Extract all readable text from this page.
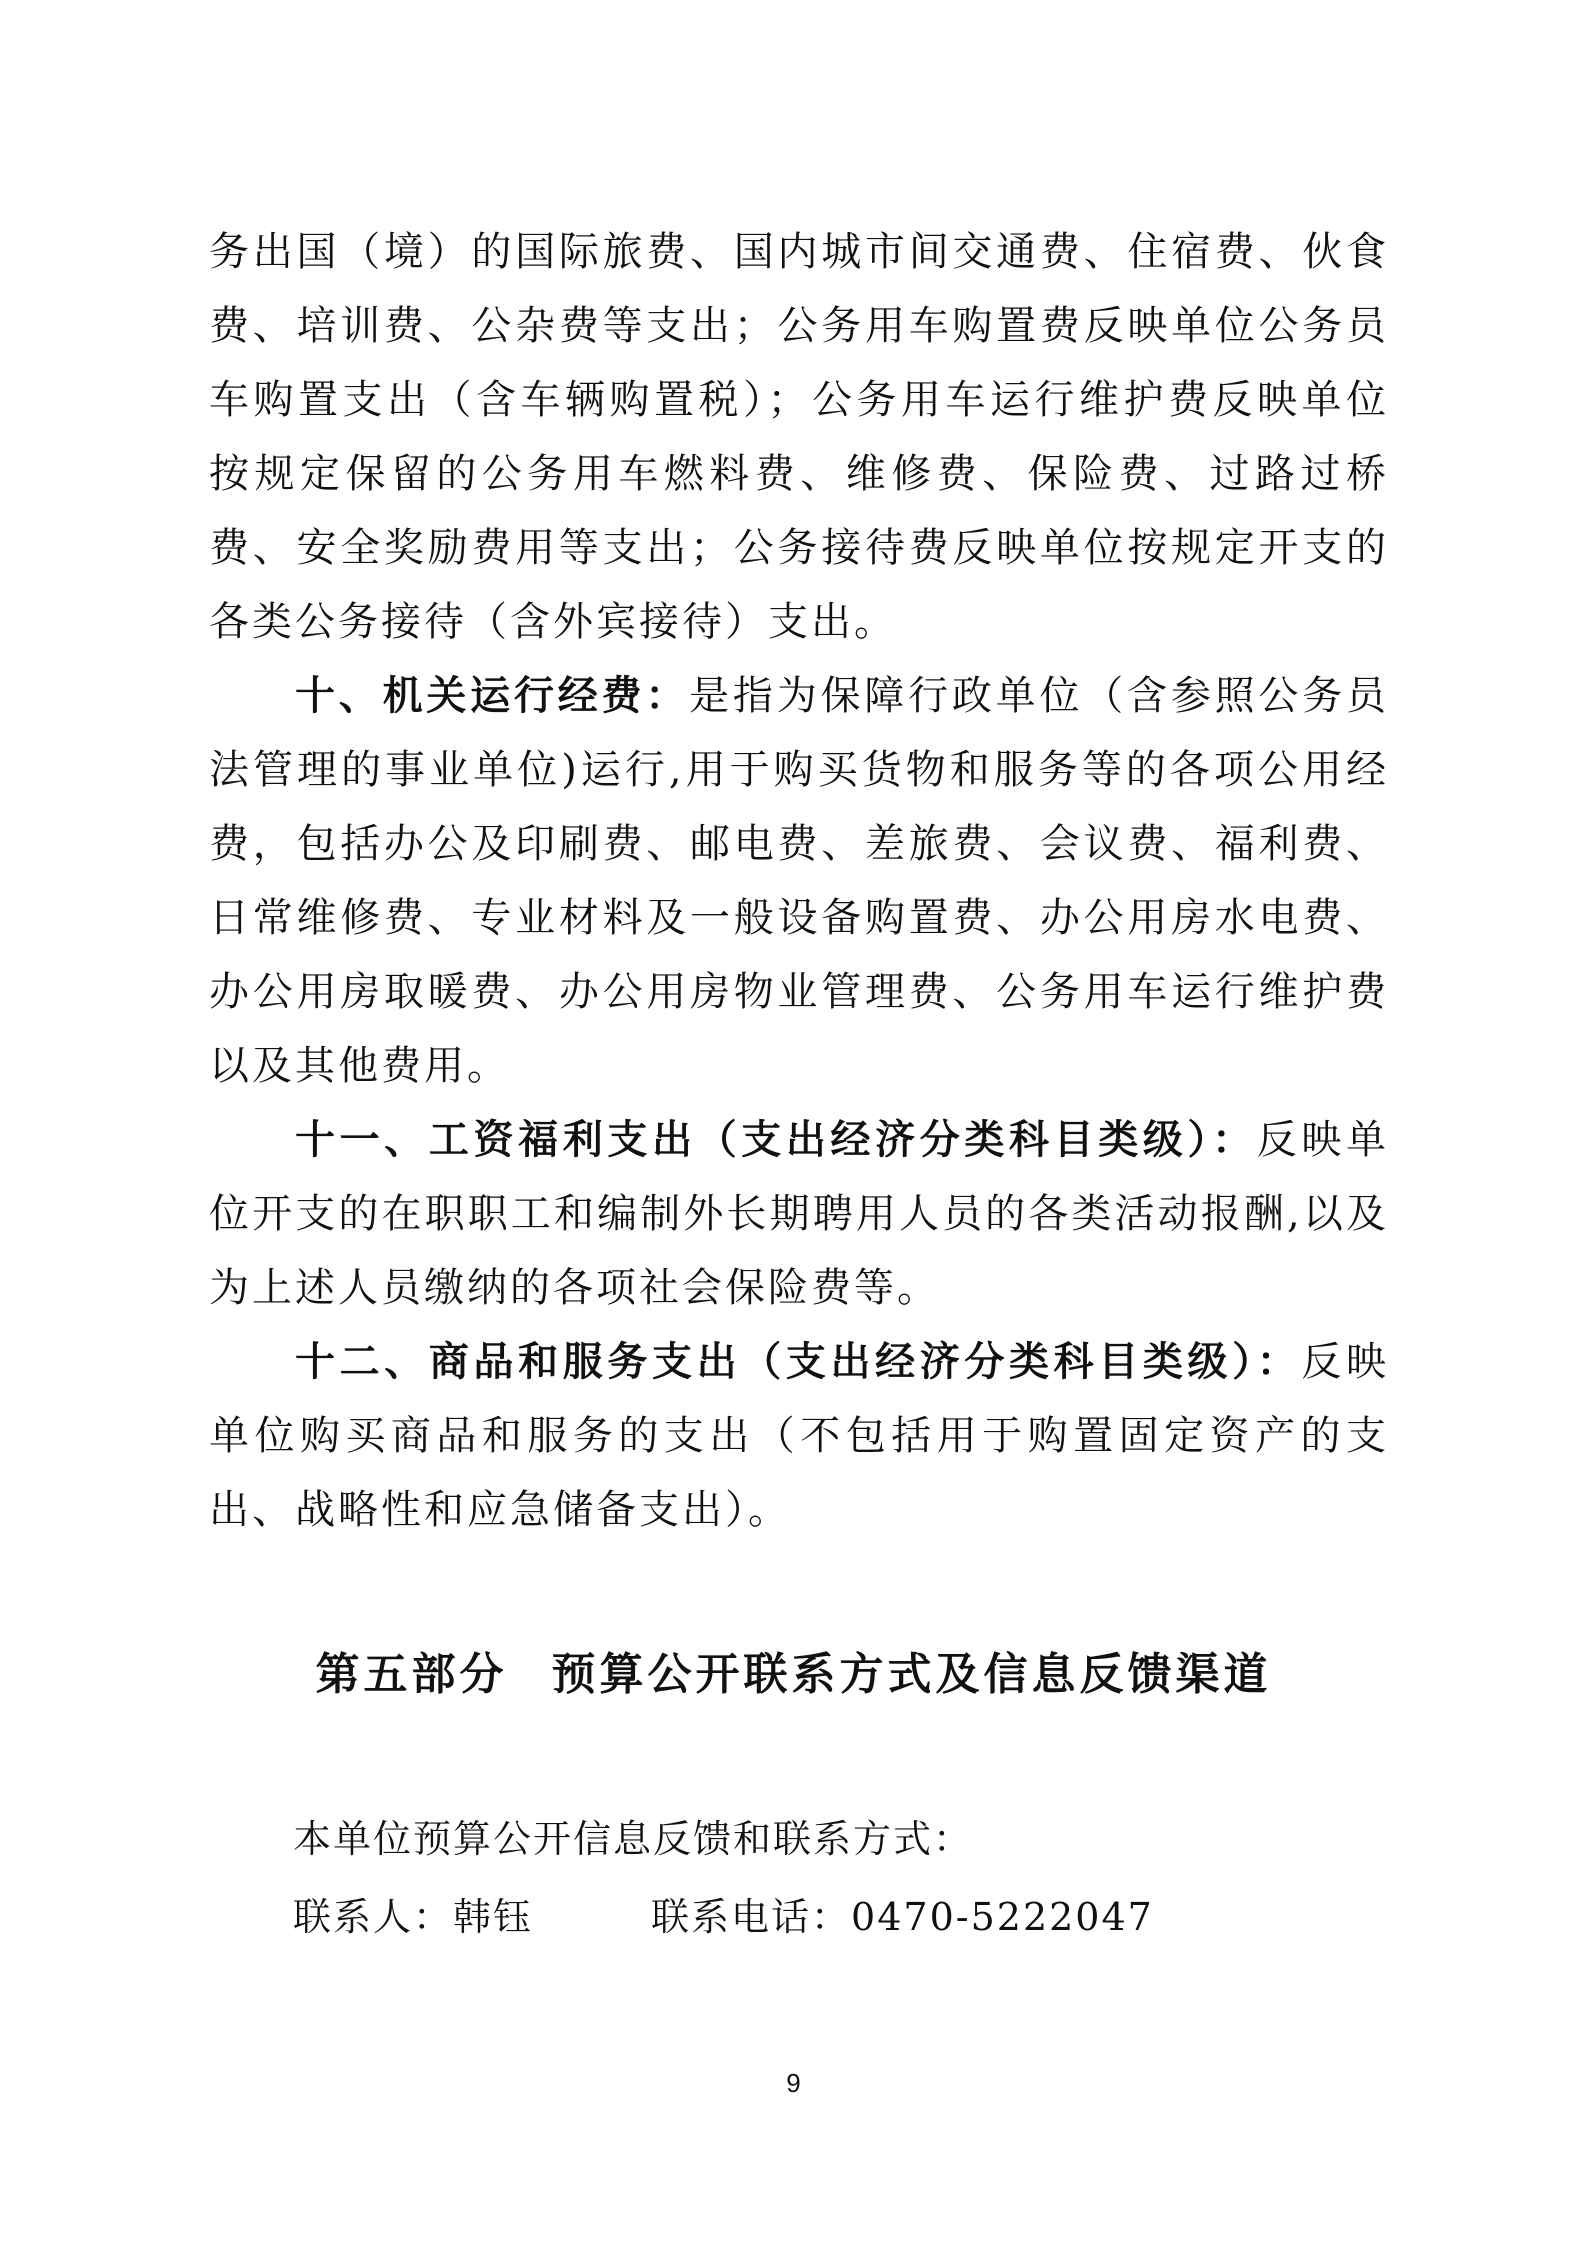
务出国（境）的国际旅费、国内城市间交通费、住宿费、伙食费、培训费、公杂费等支出；公务用车购置费反映单位公务员车购置支出（含车辆购置税）；公务用车运行维护费反映单位按规定保留的公务用车燃料费、维修费、保险费、过路过桥费、安全奖励费用等支出；公务接待费反映单位按规定开支的各类公务接待（含外宾接待）支出。

十、机关运行经费：是指为保障行政单位（含参照公务员法管理的事业单位)运行,用于购买货物和服务等的各项公用经费，包括办公及印刷费、邮电费、差旅费、会议费、福利费、日常维修费、专业材料及一般设备购置费、办公用房水电费、办公用房取暖费、办公用房物业管理费、公务用车运行维护费以及其他费用。

十一、工资福利支出（支出经济分类科目类级）：反映单位开支的在职职工和编制外长期聘用人员的各类活动报酬,以及为上述人员缴纳的各项社会保险费等。

十二、商品和服务支出（支出经济分类科目类级）：反映单位购买商品和服务的支出（不包括用于购置固定资产的支出、战略性和应急储备支出）。

第五部分 预算公开联系方式及信息反馈渠道

本单位预算公开信息反馈和联系方式：

联系人：韩钰	联系电话：0470-5222047

9
